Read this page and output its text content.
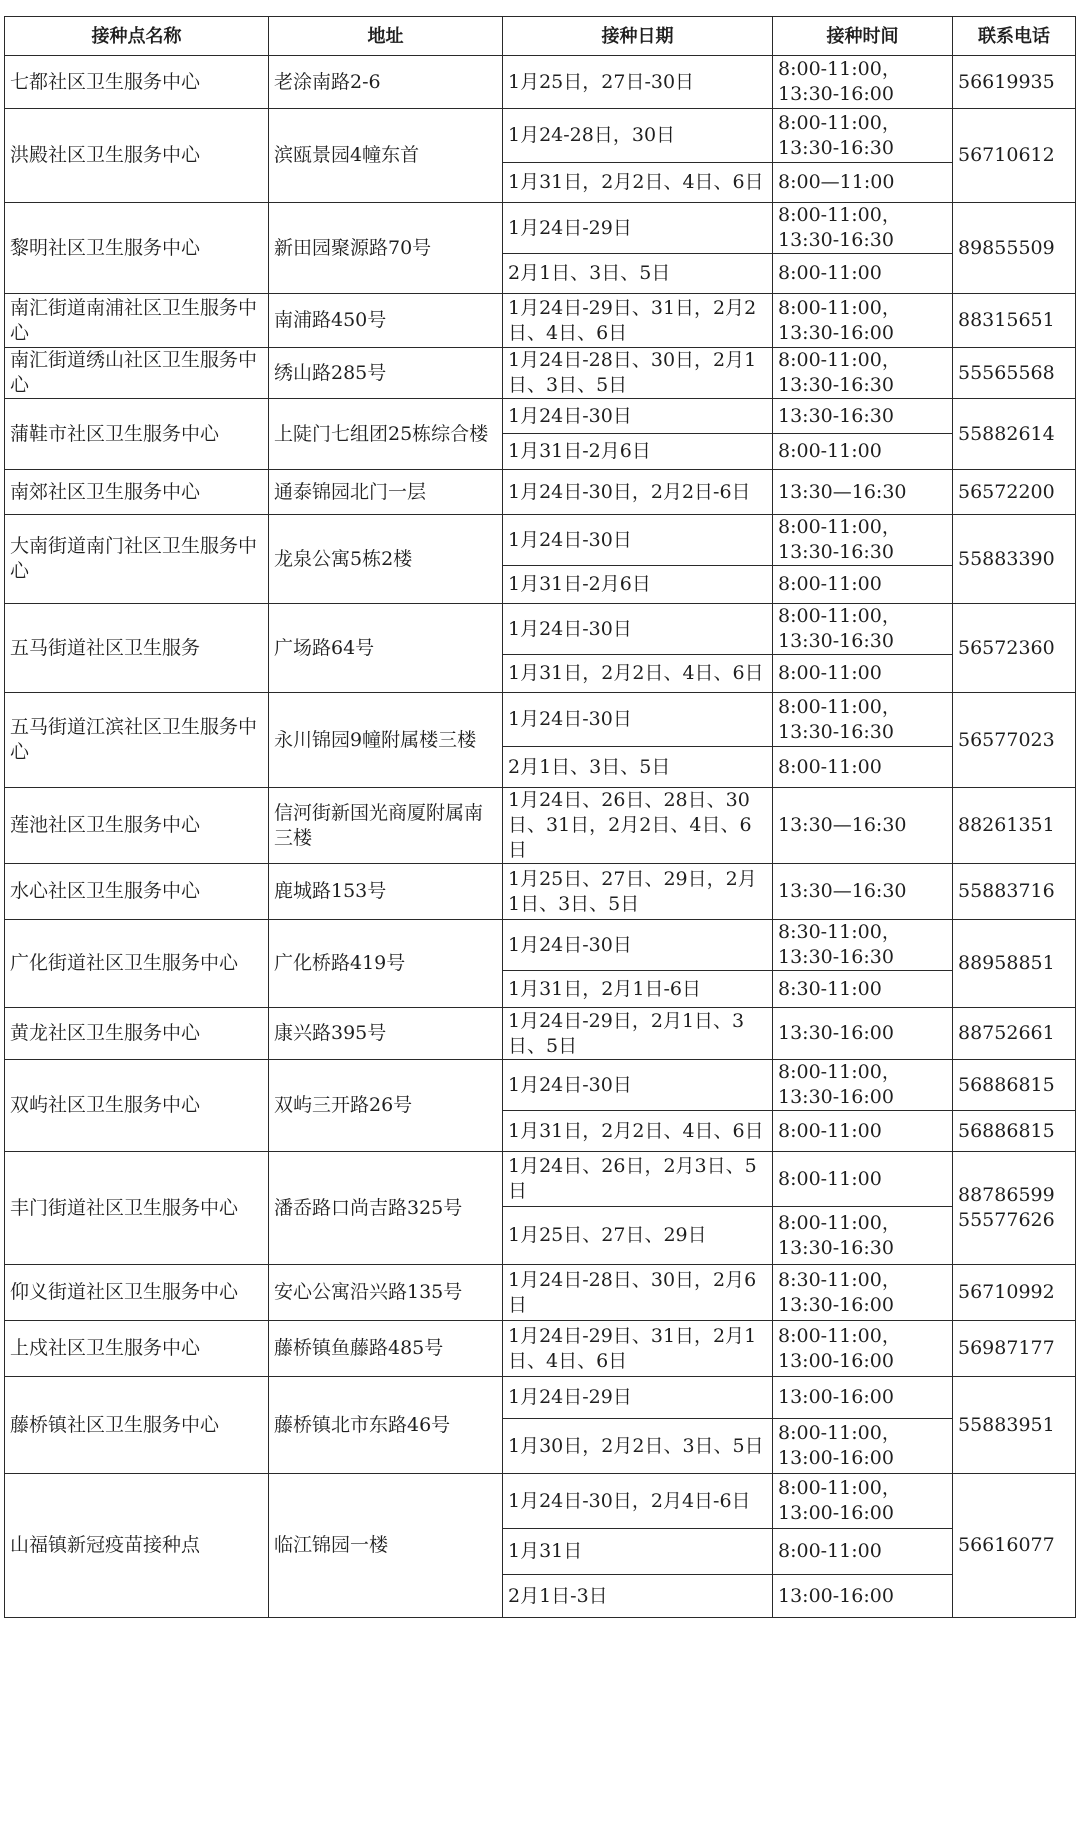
接种点名称	地址	接种日期	接种时间	联系电话
七都社区卫生服务中心	老涂南路2-6	1月25日，27日-30日	8:00-11:00，
13:30-16:00	56619935
洪殿社区卫生服务中心	滨瓯景园4幢东首	1月24-28日，30日	8:00-11:00，
13:30-16:30	56710612
		1月31日，2月2日、4日、6日	8:00—11:00	
黎明社区卫生服务中心	新田园聚源路70号	1月24日-29日	8:00-11:00，
13:30-16:30	89855509
		2月1日、3日、5日	8:00-11:00	
南汇街道南浦社区卫生服务中心	南浦路450号	1月24日-29日、31日，2月2日、4日、6日	8:00-11:00，
13:30-16:00	88315651
南汇街道绣山社区卫生服务中心	绣山路285号	1月24日-28日、30日，2月1日、3日、5日	8:00-11:00，
13:30-16:30	55565568
蒲鞋市社区卫生服务中心	上陡门七组团25栋综合楼	1月24日-30日	13:30-16:30	55882614
		1月31日-2月6日	8:00-11:00	
南郊社区卫生服务中心	通泰锦园北门一层	1月24日-30日，2月2日-6日	13:30—16:30	56572200
大南街道南门社区卫生服务中心	龙泉公寓5栋2楼	1月24日-30日	8:00-11:00，
13:30-16:30	55883390
		1月31日-2月6日	8:00-11:00	
五马街道社区卫生服务	广场路64号	1月24日-30日	8:00-11:00，
13:30-16:30	56572360
		1月31日，2月2日、4日、6日	8:00-11:00	
五马街道江滨社区卫生服务中心	永川锦园9幢附属楼三楼	1月24日-30日	8:00-11:00，
13:30-16:30	56577023
		2月1日、3日、5日	8:00-11:00	
莲池社区卫生服务中心	信河街新国光商厦附属南三楼	1月24日、26日、28日、30日、31日，2月2日、4日、6日	13:30—16:30	88261351
水心社区卫生服务中心	鹿城路153号	1月25日、27日、29日，2月1日、3日、5日	13:30—16:30	55883716
广化街道社区卫生服务中心	广化桥路419号	1月24日-30日	8:30-11:00，
13:30-16:30	88958851
		1月31日，2月1日-6日	8:30-11:00	
黄龙社区卫生服务中心	康兴路395号	1月24日-29日，2月1日、3日、5日	13:30-16:00	88752661
双屿社区卫生服务中心	双屿三开路26号	1月24日-30日	8:00-11:00，
13:30-16:00	56886815
		1月31日，2月2日、4日、6日	8:00-11:00	56886815
丰门街道社区卫生服务中心	潘岙路口尚吉路325号	1月24日、26日，2月3日、5日	8:00-11:00	88786599
55577626
		1月25日、27日、29日	8:00-11:00，
13:30-16:30	
仰义街道社区卫生服务中心	安心公寓沿兴路135号	1月24日-28日、30日，2月6日	8:30-11:00，
13:30-16:00	56710992
上戍社区卫生服务中心	藤桥镇鱼藤路485号	1月24日-29日、31日，2月1日、4日、6日	8:00-11:00，
13:00-16:00	56987177
藤桥镇社区卫生服务中心	藤桥镇北市东路46号	1月24日-29日	13:00-16:00	55883951
		1月30日，2月2日、3日、5日	8:00-11:00，
13:00-16:00	
山福镇新冠疫苗接种点	临江锦园一楼	1月24日-30日，2月4日-6日	8:00-11:00，
13:00-16:00	56616077
		1月31日	8:00-11:00	
		2月1日-3日	13:00-16:00	
